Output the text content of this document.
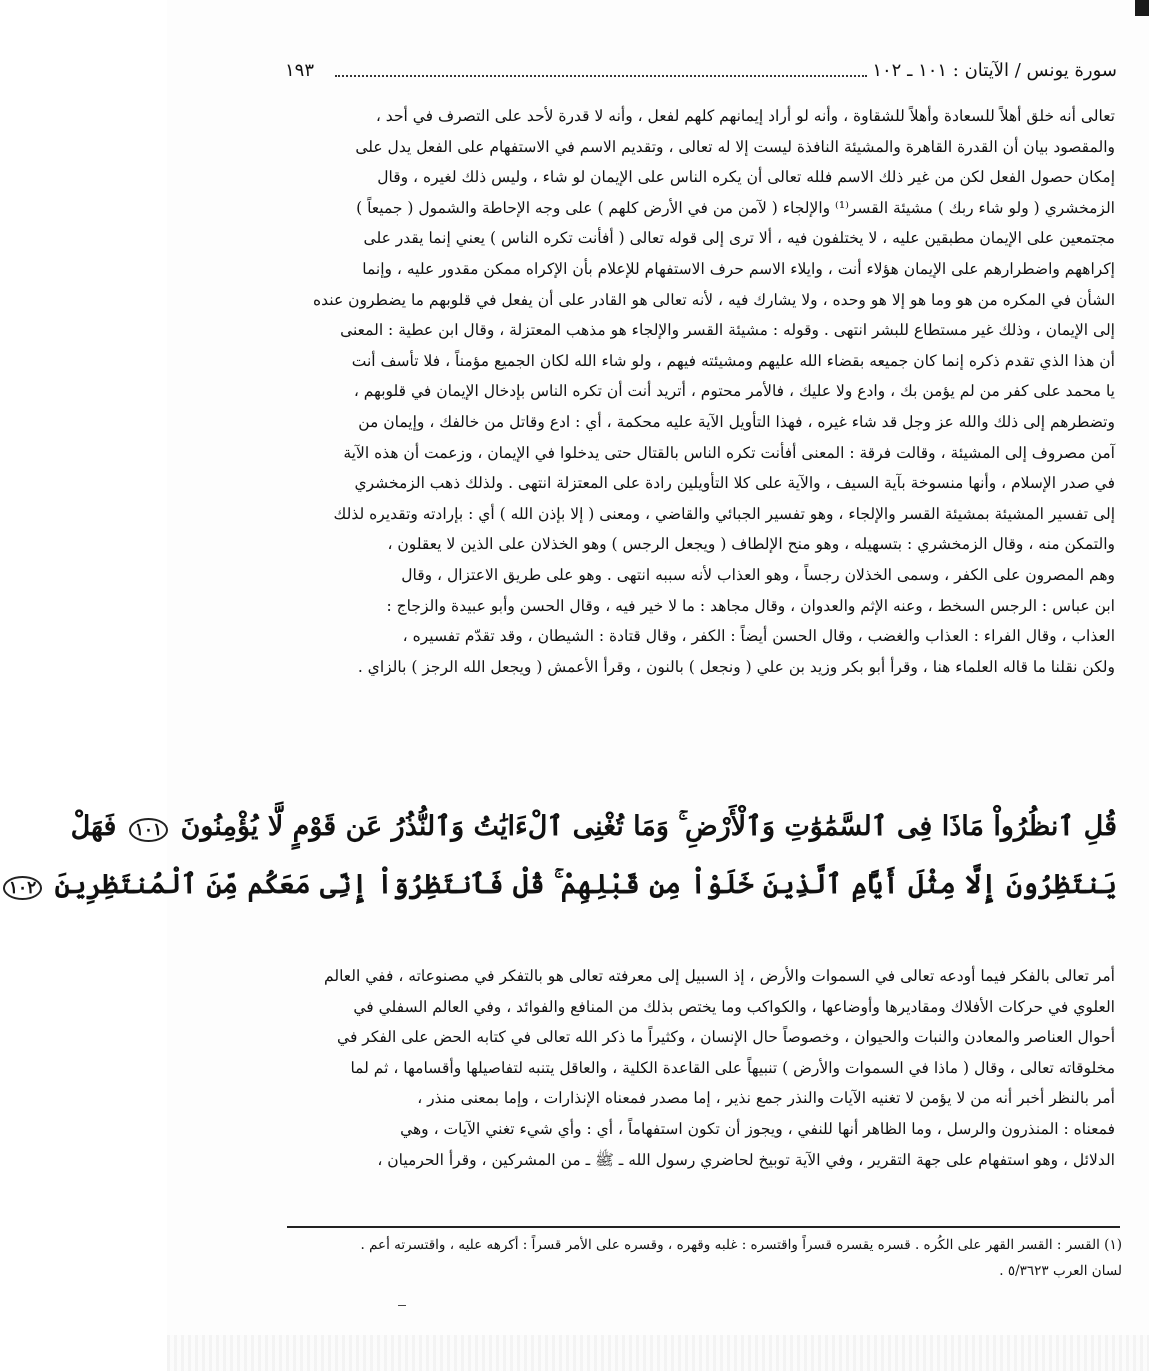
سورة يونس / الآيتان : ١٠١ ـ ١٠٢
١٩٣

تعالى أنه خلق أهلاً للسعادة وأهلاً للشقاوة ، وأنه لو أراد إيمانهم كلهم لفعل ، وأنه لا قدرة لأحد على التصرف في أحد ،

والمقصود بيان أن القدرة القاهرة والمشيئة النافذة ليست إلا له تعالى ، وتقديم الاسم في الاستفهام على الفعل يدل على

إمكان حصول الفعل لكن من غير ذلك الاسم فلله تعالى أن يكره الناس على الإيمان لو شاء ، وليس ذلك لغيره ، وقال

الزمخشري ( ولو شاء ربك ) مشيئة القسر⁽¹⁾ والإلجاء ( لآمن من في الأرض كلهم ) على وجه الإحاطة والشمول ( جميعاً )

مجتمعين على الإيمان مطبقين عليه ، لا يختلفون فيه ، ألا ترى إلى قوله تعالى ( أفأنت تكره الناس ) يعني إنما يقدر على

إكراههم واضطرارهم على الإيمان هؤلاء أنت ، وايلاء الاسم حرف الاستفهام للإعلام بأن الإكراه ممكن مقدور عليه ، وإنما

الشأن في المكره من هو وما هو إلا هو وحده ، ولا يشارك فيه ، لأنه تعالى هو القادر على أن يفعل في قلوبهم ما يضطرون عنده

إلى الإيمان ، وذلك غير مستطاع للبشر انتهى . وقوله : مشيئة القسر والإلجاء هو مذهب المعتزلة ، وقال ابن عطية : المعنى

أن هذا الذي تقدم ذكره إنما كان جميعه بقضاء الله عليهم ومشيئته فيهم ، ولو شاء الله لكان الجميع مؤمناً ، فلا تأسف أنت

يا محمد على كفر من لم يؤمن بك ، وادع ولا عليك ، فالأمر محتوم ، أتريد أنت أن تكره الناس بإدخال الإيمان في قلوبهم ،

وتضطرهم إلى ذلك والله عز وجل قد شاء غيره ، فهذا التأويل الآية عليه محكمة ، أي : ادع وقاتل من خالفك ، وإيمان من

آمن مصروف إلى المشيئة ، وقالت فرقة : المعنى أفأنت تكره الناس بالقتال حتى يدخلوا في الإيمان ، وزعمت أن هذه الآية

في صدر الإسلام ، وأنها منسوخة بآية السيف ، والآية على كلا التأويلين رادة على المعتزلة انتهى . ولذلك ذهب الزمخشري

إلى تفسير المشيئة بمشيئة القسر والإلجاء ، وهو تفسير الجبائي والقاضي ، ومعنى ( إلا بإذن الله ) أي : بإرادته وتقديره لذلك

والتمكن منه ، وقال الزمخشري : بتسهيله ، وهو منح الإلطاف ( ويجعل الرجس ) وهو الخذلان على الذين لا يعقلون ،

وهم المصرون على الكفر ، وسمى الخذلان رجساً ، وهو العذاب لأنه سببه انتهى . وهو على طريق الاعتزال ، وقال

ابن عباس : الرجس السخط ، وعنه الإثم والعدوان ، وقال مجاهد : ما لا خير فيه ، وقال الحسن وأبو عبيدة والزجاج :

العذاب ، وقال الفراء : العذاب والغضب ، وقال الحسن أيضاً : الكفر ، وقال قتادة : الشيطان ، وقد تقدّم تفسيره ،

ولكن نقلنا ما قاله العلماء هنا ، وقرأ أبو بكر وزيد بن علي ( ونجعل ) بالنون ، وقرأ الأعمش ( ويجعل الله الرجز ) بالزاي .

قُلِ ٱنظُرُواْ مَاذَا فِى ٱلسَّمَٰوَٰتِ وَٱلْأَرْضِ ۚ وَمَا تُغْنِى ٱلْءَايَٰتُ وَٱلنُّذُرُ عَن قَوْمٍ لَّا يُؤْمِنُونَ ١٠١ فَهَلْ

يَنتَظِرُونَ إِلَّا مِثْلَ أَيَّامِ ٱلَّذِينَ خَلَوْاْ مِن قَبْلِهِمْ ۚ قُلْ فَٱنتَظِرُوٓاْ إِنِّى مَعَكُم مِّنَ ٱلْمُنتَظِرِينَ ١٠٢

أمر تعالى بالفكر فيما أودعه تعالى في السموات والأرض ، إذ السبيل إلى معرفته تعالى هو بالتفكر في مصنوعاته ، ففي العالم

العلوي في حركات الأفلاك ومقاديرها وأوضاعها ، والكواكب وما يختص بذلك من المنافع والفوائد ، وفي العالم السفلي في

أحوال العناصر والمعادن والنبات والحيوان ، وخصوصاً حال الإنسان ، وكثيراً ما ذكر الله تعالى في كتابه الحض على الفكر في

مخلوقاته تعالى ، وقال ( ماذا في السموات والأرض ) تنبيهاً على القاعدة الكلية ، والعاقل يتنبه لتفاصيلها وأقسامها ، ثم لما

أمر بالنظر أخبر أنه من لا يؤمن لا تغنيه الآيات والنذر جمع نذير ، إما مصدر فمعناه الإنذارات ، وإما بمعنى منذر ،

فمعناه : المنذرون والرسل ، وما الظاهر أنها للنفي ، ويجوز أن تكون استفهاماً ، أي : وأي شيء تغني الآيات ، وهي

الدلائل ، وهو استفهام على جهة التقرير ، وفي الآية توبيخ لحاضري رسول الله ـ ﷺ ـ من المشركين ، وقرأ الحرميان ،

(١) القسر : القسر القهر على الكُره . قسره يقسره قسراً واقتسره : غلبه وقهره ، وقسره على الأمر قسراً : أكرهه عليه ، واقتسرته أعم .

لسان العرب ٥/٣٦٢٣ .
